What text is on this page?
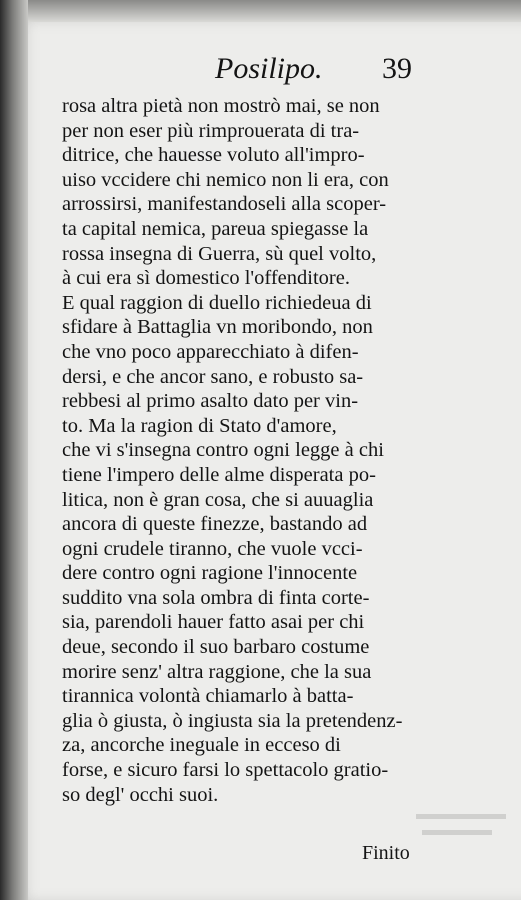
Posilipo. 39
rosa altra pietà non mostrò mai, se non
per non eser più rimprouerata di tra-
ditrice, che hauesse voluto all'impro-
uiso vccidere chi nemico non li era, con
arrossirsi, manifestandoseli alla scoper-
ta capital nemica, pareua spiegasse la
rossa insegna di Guerra, sù quel volto,
à cui era sì domestico l'offenditore.
E qual raggion di duello richiedeua di
sfidare à Battaglia vn moribondo, non
che vno poco apparecchiato à difen-
dersi, e che ancor sano, e robusto sa-
rebbesi al primo asalto dato per vin-
to. Ma la ragion di Stato d'amore,
che vi s'insegna contro ogni legge à chi
tiene l'impero delle alme disperata po-
litica, non è gran cosa, che si auuaglia
ancora di queste finezze, bastando ad
ogni crudele tiranno, che vuole vcci-
dere contro ogni ragione l'innocente
suddito vna sola ombra di finta corte-
sia, parendoli hauer fatto asai per chi
deue, secondo il suo barbaro costume
morire senz' altra raggione, che la sua
tirannica volontà chiamarlo à batta-
glia ò giusta, ò ingiusta sia la pretendenz-
za, ancorche ineguale in ecceso di
forse, e sicuro farsi lo spettacolo gratio-
so degl' occhi suoi.
Finito
